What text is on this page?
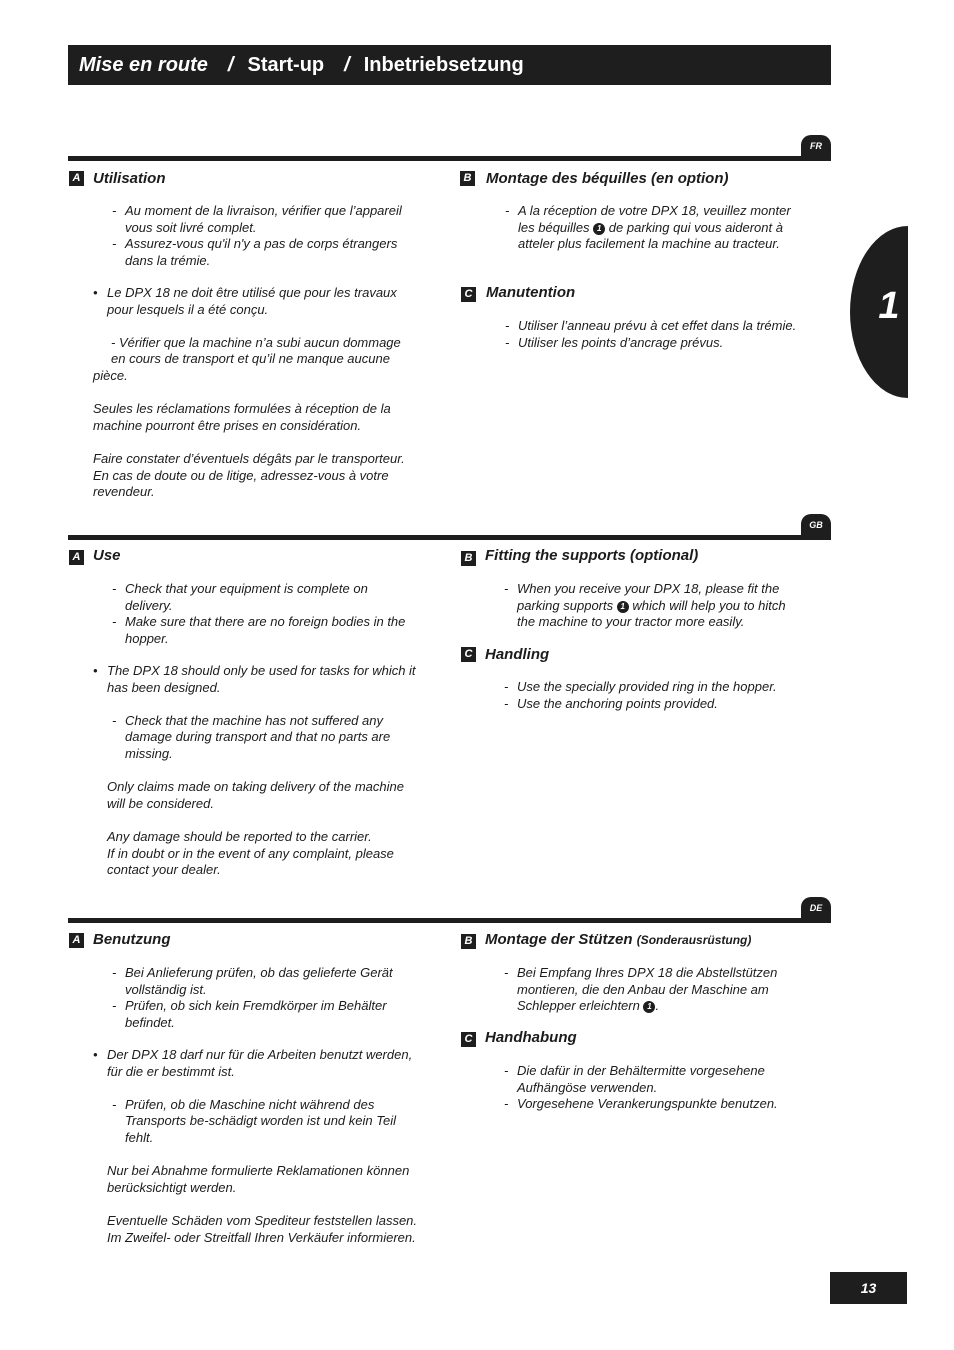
Mise en route / Start-up / Inbetriebsetzung
1
FR
A Utilisation
- Au moment de la livraison, vérifier que l’appareil vous soit livré complet.
- Assurez-vous qu'il n'y a pas de corps étrangers dans la trémie.
• Le DPX 18 ne doit être utilisé que pour les travaux pour lesquels il a été conçu.
- Vérifier que la machine n’a subi aucun dommage en cours de transport et qu’il ne manque aucune
pièce.
Seules les réclamations formulées à réception de la machine pourront être prises en considération.
Faire constater d’éventuels dégâts par le transporteur. En cas de doute ou de litige, adressez-vous à votre revendeur.
B Montage des béquilles (en option)
- A la réception de votre DPX 18, veuillez monter les béquilles 1 de parking qui vous aideront à atteler plus facilement la machine au tracteur.
C Manutention
- Utiliser l’anneau prévu à cet effet dans la trémie.
- Utiliser les points d’ancrage prévus.
GB
A Use
- Check that your equipment is complete on delivery.
- Make sure that there are no foreign bodies in the hopper.
• The DPX 18 should only be used for tasks for which it has been designed.
- Check that the machine has not suffered any damage during transport and that no parts are missing.
Only claims made on taking delivery of the machine will be considered.
Any damage should be reported to the carrier.
If in doubt or in the event of any complaint, please contact your dealer.
B Fitting the supports (optional)
- When you receive your DPX 18, please fit the parking supports 1 which will help you to hitch the machine to your tractor more easily.
C Handling
- Use the specially provided ring in the hopper.
- Use the anchoring points provided.
DE
A Benutzung
- Bei Anlieferung prüfen, ob das gelieferte Gerät vollständig ist.
- Prüfen, ob sich kein Fremdkörper im Behälter befindet.
• Der DPX 18 darf nur für die Arbeiten benutzt werden, für die er bestimmt ist.
- Prüfen, ob die Maschine nicht während des Transports be-schädigt worden ist und kein Teil fehlt.
Nur bei Abnahme formulierte Reklamationen können berücksichtigt werden.
Eventuelle Schäden vom Spediteur feststellen lassen.
Im Zweifel- oder Streitfall Ihren Verkäufer informieren.
B Montage der Stützen (Sonderausrüstung)
- Bei Empfang Ihres DPX 18 die Abstellstützen montieren, die den Anbau der Maschine am Schlepper erleichtern 1 .
C Handhabung
- Die dafür in der Behältermitte vorgesehene Aufhängöse verwenden.
- Vorgesehene Verankerungspunkte benutzen.
13
